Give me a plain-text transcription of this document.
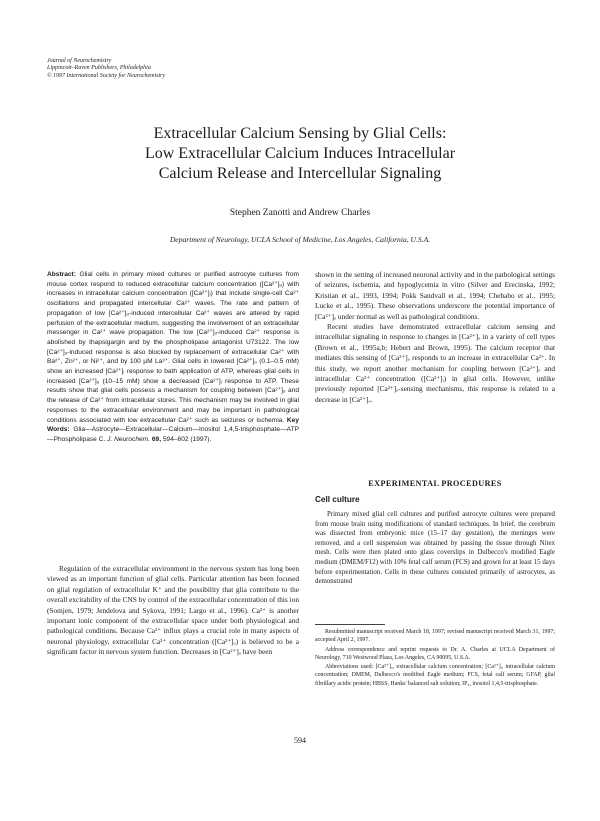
Journal of Neurochemistry
Lippincott–Raven Publishers, Philadelphia
© 1997 International Society for Neurochemistry
Extracellular Calcium Sensing by Glial Cells:
Low Extracellular Calcium Induces Intracellular
Calcium Release and Intercellular Signaling
Stephen Zanotti and Andrew Charles
Department of Neurology, UCLA School of Medicine, Los Angeles, California, U.S.A.
Abstract: Glial cells in primary mixed cultures or purified astrocyte cultures from mouse cortex respond to reduced extracellular calcium concentration ([Ca²⁺]ₒ) with increases in intracellular calcium concentration ([Ca²⁺]ᵢ) that include single-cell Ca²⁺ oscillations and propagated intercellular Ca²⁺ waves. The rate and pattern of propagation of low [Ca²⁺]ₒ-induced intercellular Ca²⁺ waves are altered by rapid perfusion of the extracellular medium, suggesting the involvement of an extracellular messenger in Ca²⁺ wave propagation. The low [Ca²⁺]ₒ-induced Ca²⁺ response is abolished by thapsigargin and by the phospholipase antagonist U73122. The low [Ca²⁺]ₒ-induced response is also blocked by replacement of extracellular Ca²⁺ with Ba²⁺, Zn²⁺, or Ni²⁺, and by 100 µM La³⁺. Glial cells in lowered [Ca²⁺]ₒ (0.1–0.5 mM) show an increased [Ca²⁺]ᵢ response to bath application of ATP, whereas glial cells in increased [Ca²⁺]ₒ (10–15 mM) show a decreased [Ca²⁺]ᵢ response to ATP. These results show that glial cells possess a mechanism for coupling between [Ca²⁺]ₒ and the release of Ca²⁺ from intracellular stores. This mechanism may be involved in glial responses to the extracellular environment and may be important in pathological conditions associated with low extracellular Ca²⁺ such as seizures or ischemia. Key Words: Glia—Astrocyte—Extracellular—Calcium—Inositol 1,4,5-trisphosphate—ATP—Phospholipase C. J. Neurochem. 69, 594–602 (1997).
Regulation of the extracellular environment in the nervous system has long been viewed as an important function of glial cells. Particular attention has been focused on glial regulation of extracellular K⁺ and the possibility that glia contribute to the overall excitability of the CNS by control of the extracellular concentration of this ion (Somjen, 1979; Jendelova and Sykova, 1991; Largo et al., 1996). Ca²⁺ is another important ionic component of the extracellular space under both physiological and pathological conditions. Because Ca²⁺ influx plays a crucial role in many aspects of neuronal physiology, extracellular Ca²⁺ concentration ([Ca²⁺]ₒ) is believed to be a significant factor in nervous system function. Decreases in [Ca²⁺]ₒ have been

shown in the setting of increased neuronal activity and in the pathological settings of seizures, ischemia, and hypoglycemia in vitro (Silver and Erecinska, 1992; Kristian et al., 1993, 1994; Pokk Sandvall et al., 1994; Chebabo et al., 1995; Lucke et al., 1995). These observations underscore the potential importance of [Ca²⁺]ₒ under normal as well as pathological conditions.

Recent studies have demonstrated extracellular calcium sensing and intracellular signaling in response to changes in [Ca²⁺]ₒ in a variety of cell types (Brown et al., 1995a,b; Hebert and Brown, 1995). The calcium receptor that mediates this sensing of [Ca²⁺]ₒ responds to an increase in extracellular Ca²⁺. In this study, we report another mechanism for coupling between [Ca²⁺]ₒ and intracellular Ca²⁺ concentration ([Ca²⁺]ᵢ) in glial cells. However, unlike previously reported [Ca²⁺]ₒ-sensing mechanisms, this response is related to a decrease in [Ca²⁺]ₒ.

EXPERIMENTAL PROCEDURES
Cell culture
Primary mixed glial cell cultures and purified astrocyte cultures were prepared from mouse brain using modifications of standard techniques. In brief, the cerebrum was dissected from embryonic mice (15–17 day gestation), the meninges were removed, and a cell suspension was obtained by passing the tissue through Nitex mesh. Cells were then plated onto glass coverslips in Dulbecco's modified Eagle medium (DMEM/F12) with 10% fetal calf serum (FCS) and grown for at least 15 days before experimentation. Cells in these cultures consisted primarily of astrocytes, as demonstrated

Resubmitted manuscript received March 18, 1997; revised manuscript received March 31, 1997; accepted April 2, 1997.

Address correspondence and reprint requests to Dr. A. Charles at UCLA Department of Neurology, 710 Westwood Plaza, Los Angeles, CA 90095, U.S.A.

Abbreviations used: [Ca²⁺]ₒ, extracellular calcium concentration; [Ca²⁺]ᵢ, intracellular calcium concentration; DMEM, Dulbecco's modified Eagle medium; FCS, fetal calf serum; GFAP, glial fibrillary acidic protein; HBSS, Hanks' balanced salt solution; IP₃, inositol 1,4,5-trisphosphate.

594
